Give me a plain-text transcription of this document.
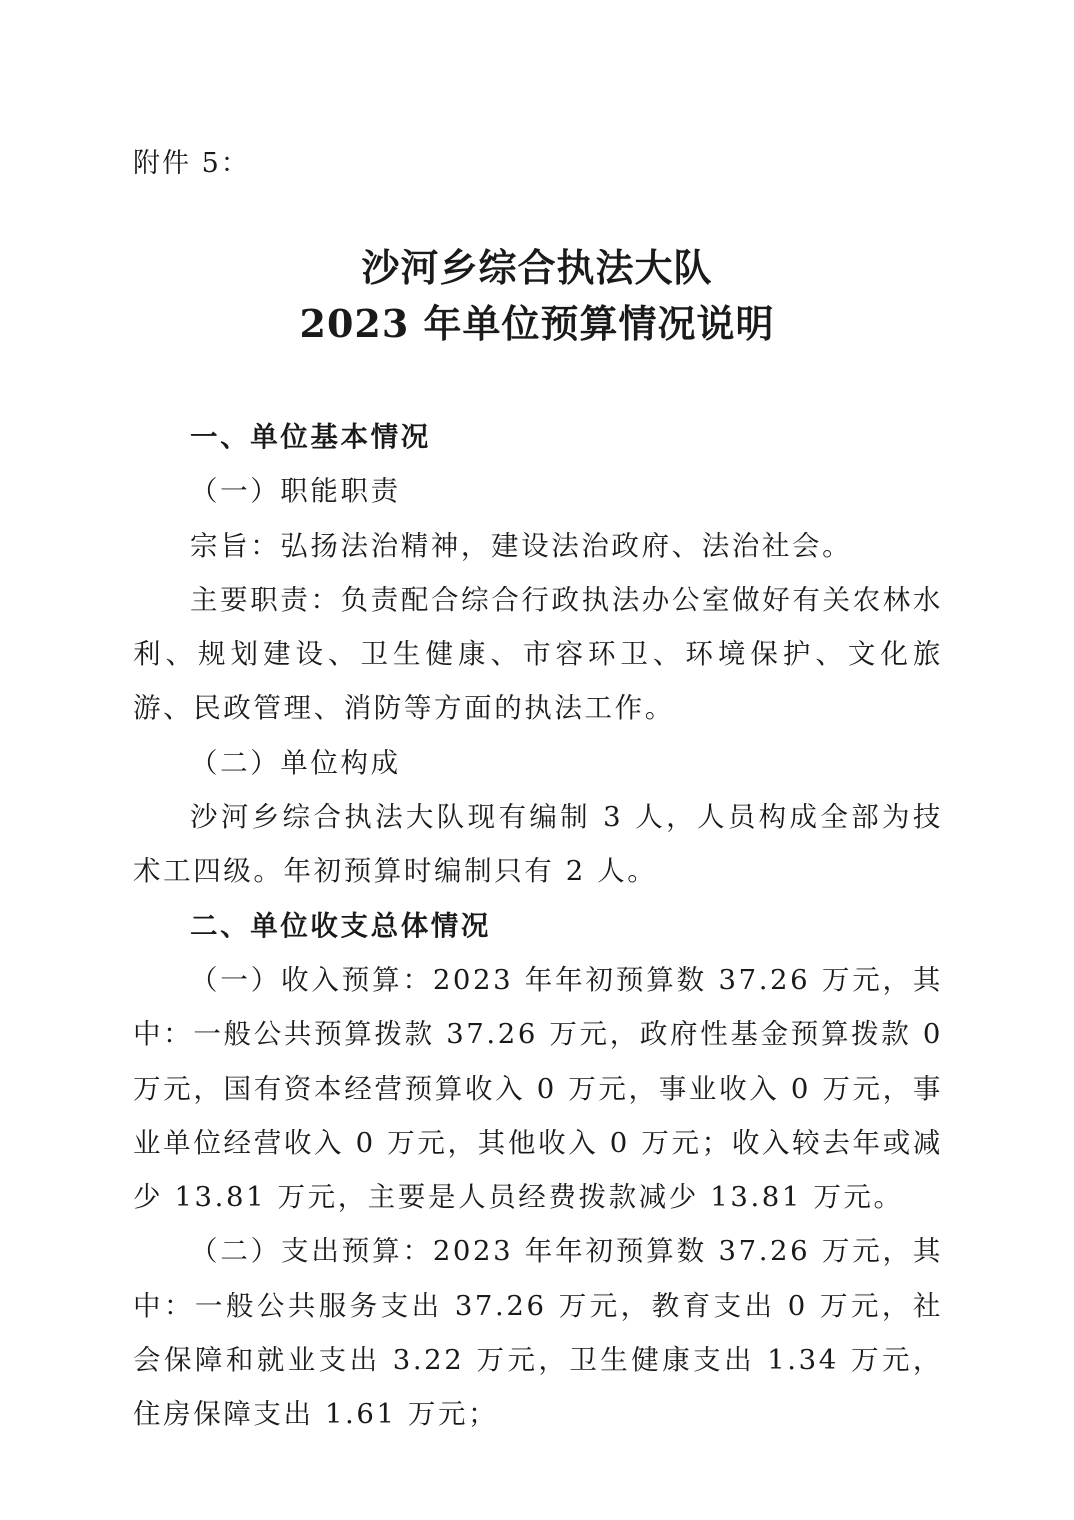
附件 5：
沙河乡综合执法大队
2023 年单位预算情况说明

一、单位基本情况

（一）职能职责

宗旨：弘扬法治精神，建设法治政府、法治社会。

主要职责：负责配合综合行政执法办公室做好有关农林水利、规划建设、卫生健康、市容环卫、环境保护、文化旅游、民政管理、消防等方面的执法工作。

（二）单位构成

沙河乡综合执法大队现有编制 3 人，人员构成全部为技术工四级。年初预算时编制只有 2 人。

二、单位收支总体情况

（一）收入预算：2023 年年初预算数 37.26 万元，其中：一般公共预算拨款 37.26 万元，政府性基金预算拨款 0 万元，国有资本经营预算收入 0 万元，事业收入 0 万元，事业单位经营收入 0 万元，其他收入 0 万元；收入较去年或减少 13.81 万元，主要是人员经费拨款减少 13.81 万元。

（二）支出预算：2023 年年初预算数 37.26 万元，其中：一般公共服务支出 37.26 万元，教育支出 0 万元，社会保障和就业支出 3.22 万元，卫生健康支出 1.34 万元，住房保障支出 1.61 万元；
